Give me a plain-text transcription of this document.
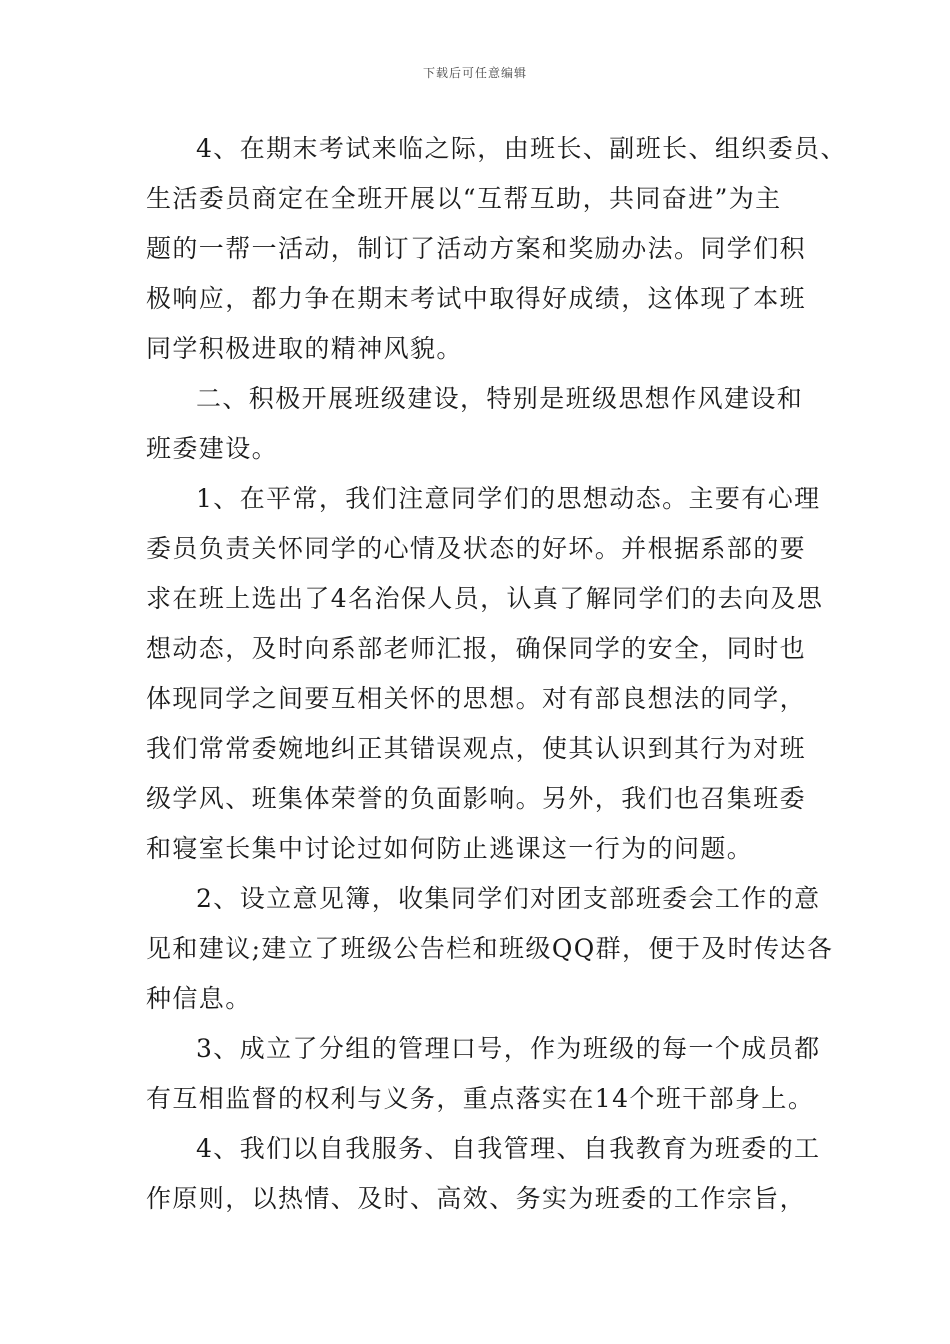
下载后可任意编辑
4、在期末考试来临之际，由班长、副班长、组织委员、
生活委员商定在全班开展以“互帮互助，共同奋进”为主
题的一帮一活动，制订了活动方案和奖励办法。同学们积
极响应，都力争在期末考试中取得好成绩，这体现了本班
同学积极进取的精神风貌。
二、积极开展班级建设，特别是班级思想作风建设和
班委建设。
1、在平常，我们注意同学们的思想动态。主要有心理
委员负责关怀同学的心情及状态的好坏。并根据系部的要
求在班上选出了4名治保人员，认真了解同学们的去向及思
想动态，及时向系部老师汇报，确保同学的安全，同时也
体现同学之间要互相关怀的思想。对有部良想法的同学，
我们常常委婉地纠正其错误观点，使其认识到其行为对班
级学风、班集体荣誉的负面影响。另外，我们也召集班委
和寝室长集中讨论过如何防止逃课这一行为的问题。
2、设立意见簿，收集同学们对团支部班委会工作的意
见和建议;建立了班级公告栏和班级QQ群，便于及时传达各
种信息。
3、成立了分组的管理口号，作为班级的每一个成员都
有互相监督的权利与义务，重点落实在14个班干部身上。
4、我们以自我服务、自我管理、自我教育为班委的工
作原则，以热情、及时、高效、务实为班委的工作宗旨，
